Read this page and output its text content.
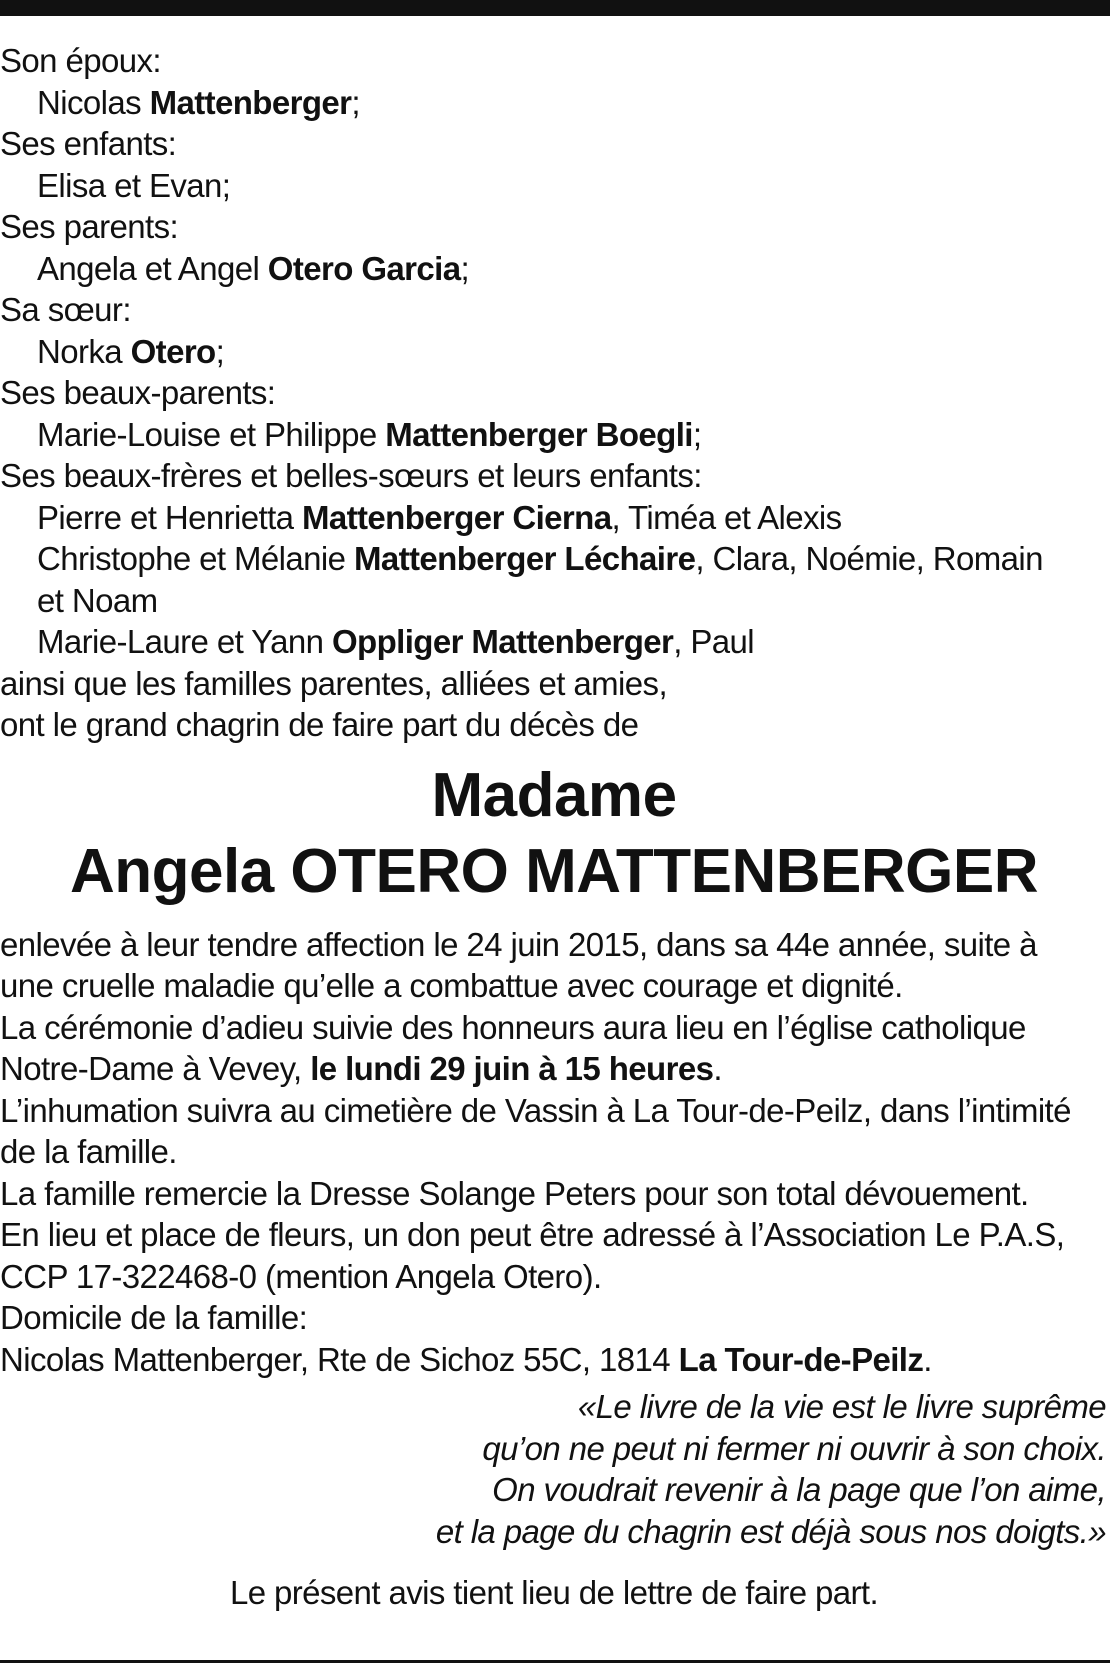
Son époux:
Nicolas Mattenberger;
Ses enfants:
Elisa et Evan;
Ses parents:
Angela et Angel Otero Garcia;
Sa sœur:
Norka Otero;
Ses beaux-parents:
Marie-Louise et Philippe Mattenberger Boegli;
Ses beaux-frères et belles-sœurs et leurs enfants:
Pierre et Henrietta Mattenberger Cierna, Timéa et Alexis
Christophe et Mélanie Mattenberger Léchaire, Clara, Noémie, Romain
et Noam
Marie-Laure et Yann Oppliger Mattenberger, Paul
ainsi que les familles parentes, alliées et amies,
ont le grand chagrin de faire part du décès de
Madame
Angela OTERO MATTENBERGER
enlevée à leur tendre affection le 24 juin 2015, dans sa 44e année, suite à
une cruelle maladie qu’elle a combattue avec courage et dignité.
La cérémonie d’adieu suivie des honneurs aura lieu en l’église catholique
Notre-Dame à Vevey, le lundi 29 juin à 15 heures.
L’inhumation suivra au cimetière de Vassin à La Tour-de-Peilz, dans l’intimité
de la famille.
La famille remercie la Dresse Solange Peters pour son total dévouement.
En lieu et place de fleurs, un don peut être adressé à l’Association Le P.A.S,
CCP 17-322468-0 (mention Angela Otero).
Domicile de la famille:
Nicolas Mattenberger, Rte de Sichoz 55C, 1814 La Tour-de-Peilz.
«Le livre de la vie est le livre suprême
qu’on ne peut ni fermer ni ouvrir à son choix.
On voudrait revenir à la page que l’on aime,
et la page du chagrin est déjà sous nos doigts.»
Le présent avis tient lieu de lettre de faire part.
